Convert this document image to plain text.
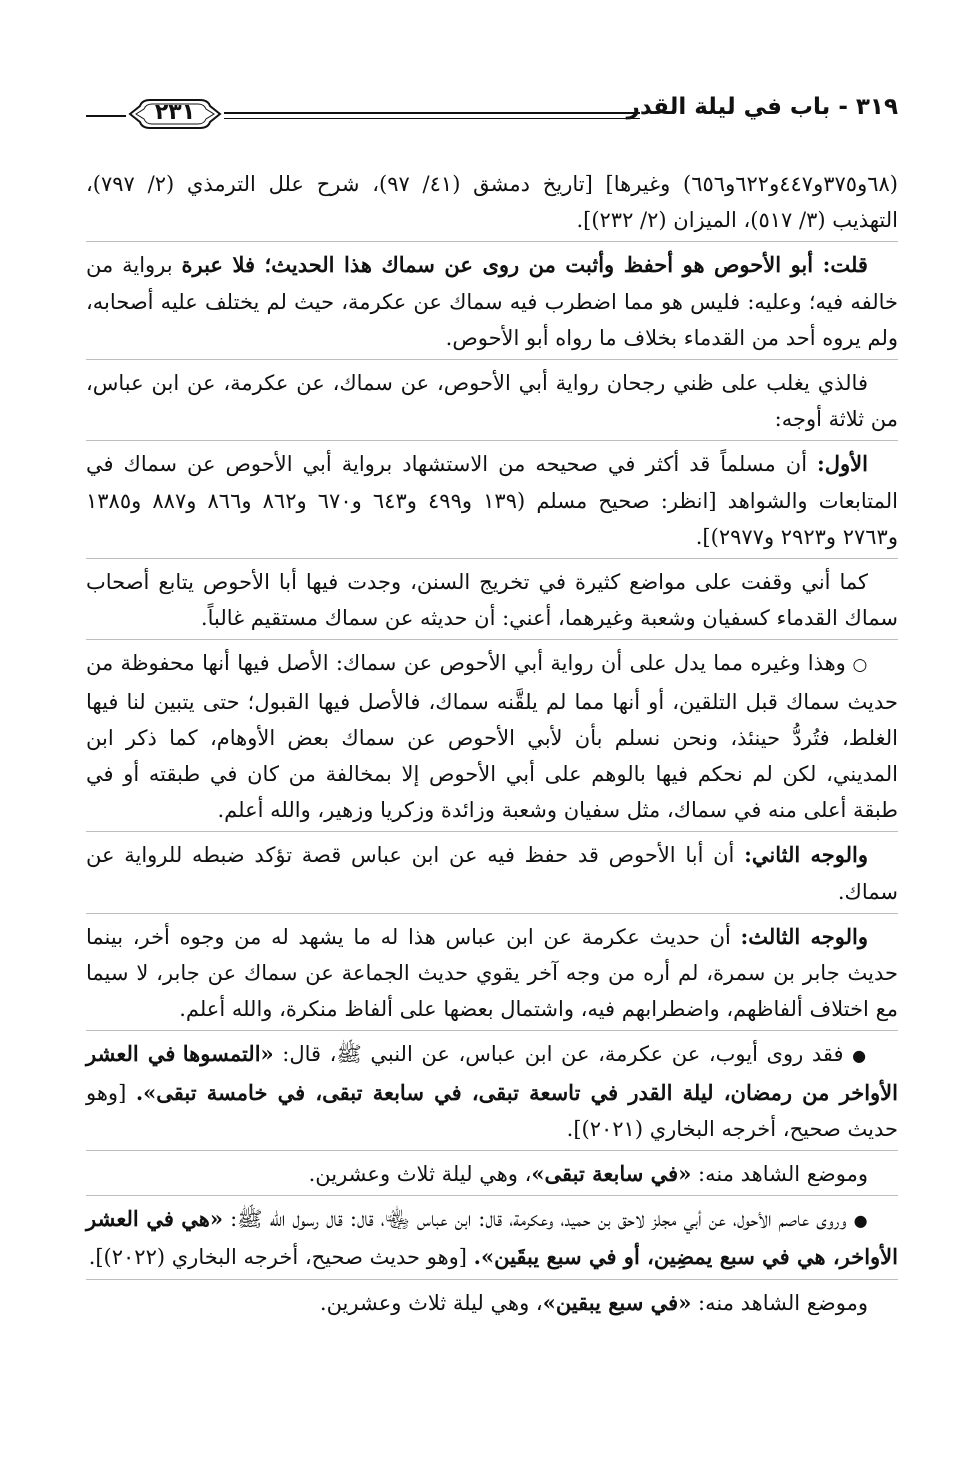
٣١٩ - باب في ليلة القدر
٢٣١

(٦٨و٣٧٥و٤٤٧و٦٢٢و٦٥٦) وغيرها] [تاريخ دمشق (٤١/ ٩٧)، شرح علل الترمذي (٢/ ٧٩٧)، التهذيب (٣/ ٥١٧)، الميزان (٢/ ٢٣٢)].

قلت: أبو الأحوص هو أحفظ وأثبت من روى عن سماك هذا الحديث؛ فلا عبرة برواية من خالفه فيه؛ وعليه: فليس هو مما اضطرب فيه سماك عن عكرمة، حيث لم يختلف عليه أصحابه، ولم يروه أحد من القدماء بخلاف ما رواه أبو الأحوص.

فالذي يغلب على ظني رجحان رواية أبي الأحوص، عن سماك، عن عكرمة، عن ابن عباس، من ثلاثة أوجه:

الأول: أن مسلماً قد أكثر في صحيحه من الاستشهاد برواية أبي الأحوص عن سماك في المتابعات والشواهد [انظر: صحيح مسلم (١٣٩ و٤٩٩ و٦٤٣ و٦٧٠ و٨٦٢ و٨٦٦ و٨٨٧ و١٣٨٥ و٢٧٦٣ و٢٩٢٣ و٢٩٧٧)].

كما أني وقفت على مواضع كثيرة في تخريج السنن، وجدت فيها أبا الأحوص يتابع أصحاب سماك القدماء كسفيان وشعبة وغيرهما، أعني: أن حديثه عن سماك مستقيم غالباً.

○ وهذا وغيره مما يدل على أن رواية أبي الأحوص عن سماك: الأصل فيها أنها محفوظة من حديث سماك قبل التلقين، أو أنها مما لم يلقَّنه سماك، فالأصل فيها القبول؛ حتى يتبين لنا فيها الغلط، فتُردُّ حينئذ، ونحن نسلم بأن لأبي الأحوص عن سماك بعض الأوهام، كما ذكر ابن المديني، لكن لم نحكم فيها بالوهم على أبي الأحوص إلا بمخالفة من كان في طبقته أو في طبقة أعلى منه في سماك، مثل سفيان وشعبة وزائدة وزكريا وزهير، والله أعلم.

والوجه الثاني: أن أبا الأحوص قد حفظ فيه عن ابن عباس قصة تؤكد ضبطه للرواية عن سماك.

والوجه الثالث: أن حديث عكرمة عن ابن عباس هذا له ما يشهد له من وجوه أخر، بينما حديث جابر بن سمرة، لم أره من وجه آخر يقوي حديث الجماعة عن سماك عن جابر، لا سيما مع اختلاف ألفاظهم، واضطرابهم فيه، واشتمال بعضها على ألفاظ منكرة، والله أعلم.

● فقد روى أيوب، عن عكرمة، عن ابن عباس، عن النبي ﷺ، قال: «التمسوها في العشر الأواخر من رمضان، ليلة القدر في تاسعة تبقى، في سابعة تبقى، في خامسة تبقى». [وهو حديث صحيح، أخرجه البخاري (٢٠٢١)].

وموضع الشاهد منه: «في سابعة تبقى»، وهي ليلة ثلاث وعشرين.

● وروى عاصم الأحول، عن أبي مجلز لاحق بن حميد، وعكرمة، قال: ابن عباس ﵄، قال: قال رسول الله ﷺ: «هي في العشر الأواخر، هي في سبع يمضِين، أو في سبع يبقَين». [وهو حديث صحيح، أخرجه البخاري (٢٠٢٢)].

وموضع الشاهد منه: «في سبع يبقين»، وهي ليلة ثلاث وعشرين.
